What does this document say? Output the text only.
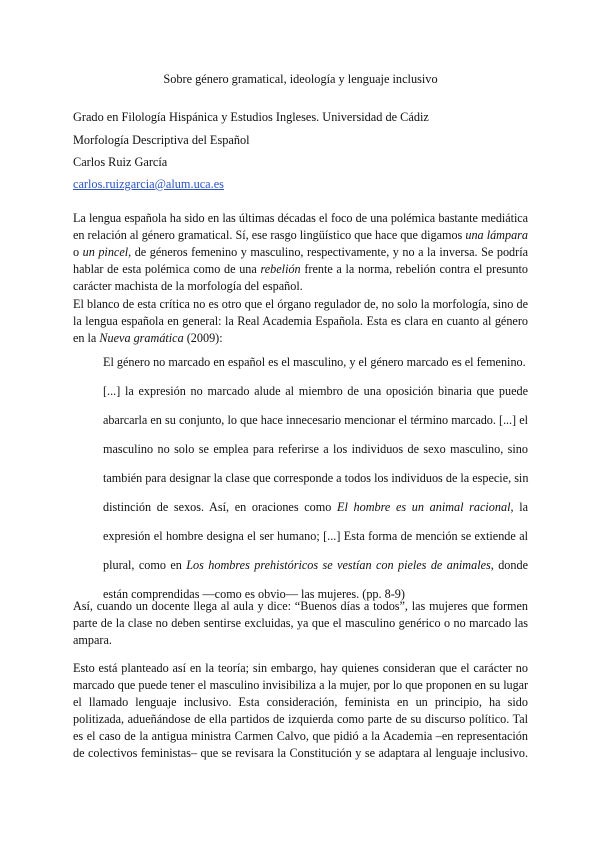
Sobre género gramatical, ideología y lenguaje inclusivo
Grado en Filología Hispánica y Estudios Ingleses. Universidad de Cádiz
Morfología Descriptiva del Español
Carlos Ruiz García
carlos.ruizgarcia@alum.uca.es
La lengua española ha sido en las últimas décadas el foco de una polémica bastante mediática
en relación al género gramatical. Sí, ese rasgo lingüístico que hace que digamos una lámpara
o un pincel, de géneros femenino y masculino, respectivamente, y no a la inversa. Se podría
hablar de esta polémica como de una rebelión frente a la norma, rebelión contra el presunto
carácter machista de la morfología del español.
El blanco de esta crítica no es otro que el órgano regulador de, no solo la morfología, sino de
la lengua española en general: la Real Academia Española. Esta es clara en cuanto al género
en la Nueva gramática (2009):
El género no marcado en español es el masculino, y el género marcado es el femenino.
[...] la expresión no marcado alude al miembro de una oposición binaria que puede
abarcarla en su conjunto, lo que hace innecesario mencionar el término marcado. [...] el
masculino no solo se emplea para referirse a los individuos de sexo masculino, sino
también para designar la clase que corresponde a todos los individuos de la especie, sin
distinción de sexos. Así, en oraciones como El hombre es un animal racional, la
expresión el hombre designa el ser humano; [...] Esta forma de mención se extiende al
plural, como en Los hombres prehistóricos se vestían con pieles de animales, donde
están comprendidas —como es obvio— las mujeres. (pp. 8-9)
Así, cuando un docente llega al aula y dice: “Buenos días a todos”, las mujeres que formen
parte de la clase no deben sentirse excluidas, ya que el masculino genérico o no marcado las
ampara.
Esto está planteado así en la teoría; sin embargo, hay quienes consideran que el carácter no
marcado que puede tener el masculino invisibiliza a la mujer, por lo que proponen en su lugar
el llamado lenguaje inclusivo. Esta consideración, feminista en un principio, ha sido
politizada, adueñándose de ella partidos de izquierda como parte de su discurso político. Tal
es el caso de la antigua ministra Carmen Calvo, que pidió a la Academia –en representación
de colectivos feministas– que se revisara la Constitución y se adaptara al lenguaje inclusivo.
